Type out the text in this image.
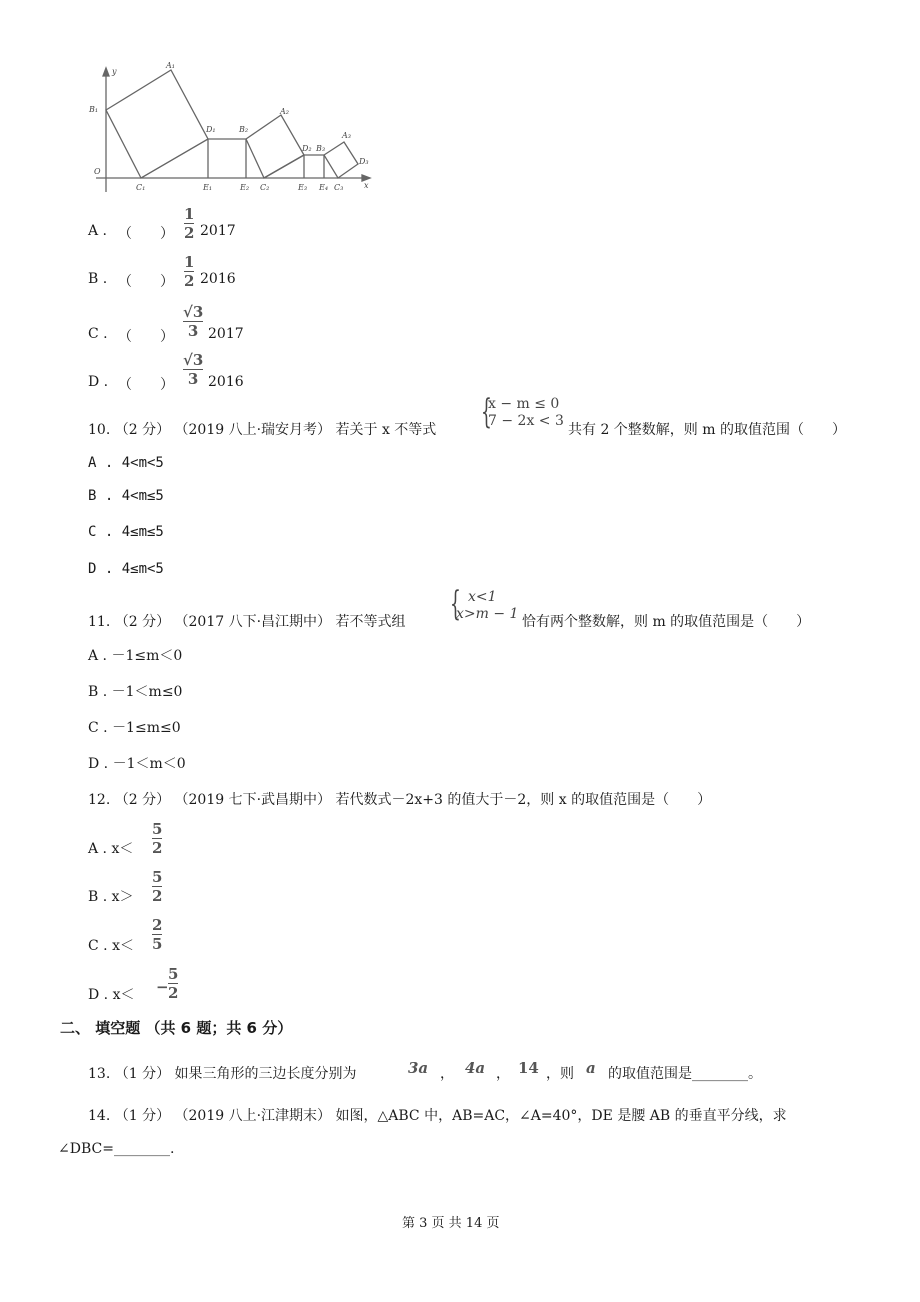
y
x
O
A₁
B₁
C₁
D₁
E₁
B₂
A₂
E₂ C₂
D₂ B₃
A₃
E₃ E₄ C₃
D₃
A . （　　）
1
2 2017
B . （　　）
1
2 2016
C . （　　）
√3
3 2017
D . （　　）
√3
3 2016
10. （2 分） （2019 八上·瑞安月考） 若关于 x 不等式 {
x − m ≤ 0
7 − 2x < 3
共有 2 个整数解，则 m 的取值范围（　　）
A . 4<m<5
B . 4<m≤5
C . 4≤m≤5
D . 4≤m<5
11. （2 分） （2017 八下·昌江期中） 若不等式组 { x<1
x>m − 1 恰有两个整数解，则 m 的取值范围是（　　）
A . －1≤m＜0
B . －1＜m≤0
C . －1≤m≤0
D . －1＜m＜0
12. （2 分） （2019 七下·武昌期中） 若代数式－2x+3 的值大于－2，则 x 的取值范围是（　　）
A . x＜
5
2
B . x＞
5
2
C . x＜
2
5
D . x＜ −
5
2
二、 填空题 （共 6 题；共 6 分）
13. （1 分） 如果三角形的三边长度分别为	3a ， 4a ， 14 ，则 a 的取值范围是________。
14. （1 分） （2019 八上·江津期末） 如图，△ABC 中，AB=AC，∠A=40°，DE 是腰 AB 的垂直平分线，求
∠DBC=________.
第 3 页 共 14 页
